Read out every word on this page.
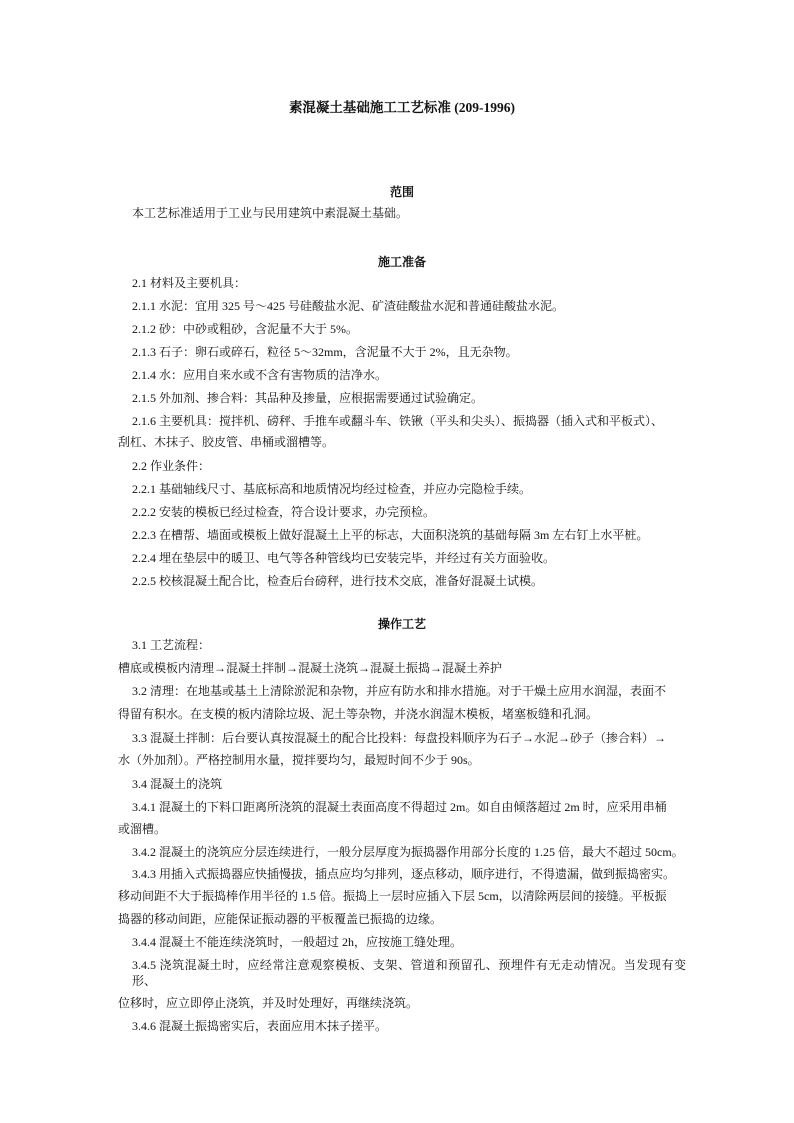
素混凝土基础施工工艺标准 (209-1996)
范围
本工艺标准适用于工业与民用建筑中素混凝土基础。
施工准备
2.1 材料及主要机具：
2.1.1 水泥：宜用 325 号～425 号硅酸盐水泥、矿渣硅酸盐水泥和普通硅酸盐水泥。
2.1.2 砂：中砂或粗砂，含泥量不大于 5%。
2.1.3 石子：卵石或碎石，粒径 5～32mm，含泥量不大于 2%，且无杂物。
2.1.4 水：应用自来水或不含有害物质的洁净水。
2.1.5 外加剂、掺合料：其品种及掺量，应根据需要通过试验确定。
2.1.6 主要机具：搅拌机、磅秤、手推车或翻斗车、铁锹（平头和尖头）、振捣器（插入式和平板式）、
刮杠、木抹子、胶皮管、串桶或溜槽等。
2.2 作业条件：
2.2.1 基础轴线尺寸、基底标高和地质情况均经过检查，并应办完隐检手续。
2.2.2 安装的模板已经过检查，符合设计要求，办完预检。
2.2.3 在槽帮、墙面或模板上做好混凝土上平的标志，大面积浇筑的基础每隔 3m 左右钉上水平桩。
2.2.4 埋在垫层中的暖卫、电气等各种管线均已安装完毕，并经过有关方面验收。
2.2.5 校核混凝土配合比，检查后台磅秤，进行技术交底，准备好混凝土试模。
操作工艺
3.1 工艺流程：
槽底或模板内清理→混凝土拌制→混凝土浇筑→混凝土振捣→混凝土养护
3.2 清理：在地基或基土上清除淤泥和杂物，并应有防水和排水措施。对于干燥土应用水润湿，表面不
得留有积水。在支模的板内清除垃圾、泥土等杂物，并浇水润湿木模板，堵塞板缝和孔洞。
3.3 混凝土拌制：后台要认真按混凝土的配合比投料：每盘投料顺序为石子→水泥→砂子（掺合料）→
水（外加剂）。严格控制用水量，搅拌要均匀，最短时间不少于 90s。
3.4 混凝土的浇筑
3.4.1 混凝土的下料口距离所浇筑的混凝土表面高度不得超过 2m。如自由倾落超过 2m 时，应采用串桶
或溜槽。
3.4.2 混凝土的浇筑应分层连续进行，一般分层厚度为振捣器作用部分长度的 1.25 倍，最大不超过 50cm。
3.4.3 用插入式振捣器应快插慢拔，插点应均匀排列，逐点移动，顺序进行，不得遗漏，做到振捣密实。
移动间距不大于振捣棒作用半径的 1.5 倍。振捣上一层时应插入下层 5cm，以清除两层间的接缝。平板振
捣器的移动间距，应能保证振动器的平板覆盖已振捣的边缘。
3.4.4 混凝土不能连续浇筑时，一般超过 2h，应按施工缝处理。
3.4.5 浇筑混凝土时，应经常注意观察模板、支架、管道和预留孔、预埋件有无走动情况。当发现有变形、
位移时，应立即停止浇筑，并及时处理好，再继续浇筑。
3.4.6 混凝土振捣密实后，表面应用木抹子搓平。
